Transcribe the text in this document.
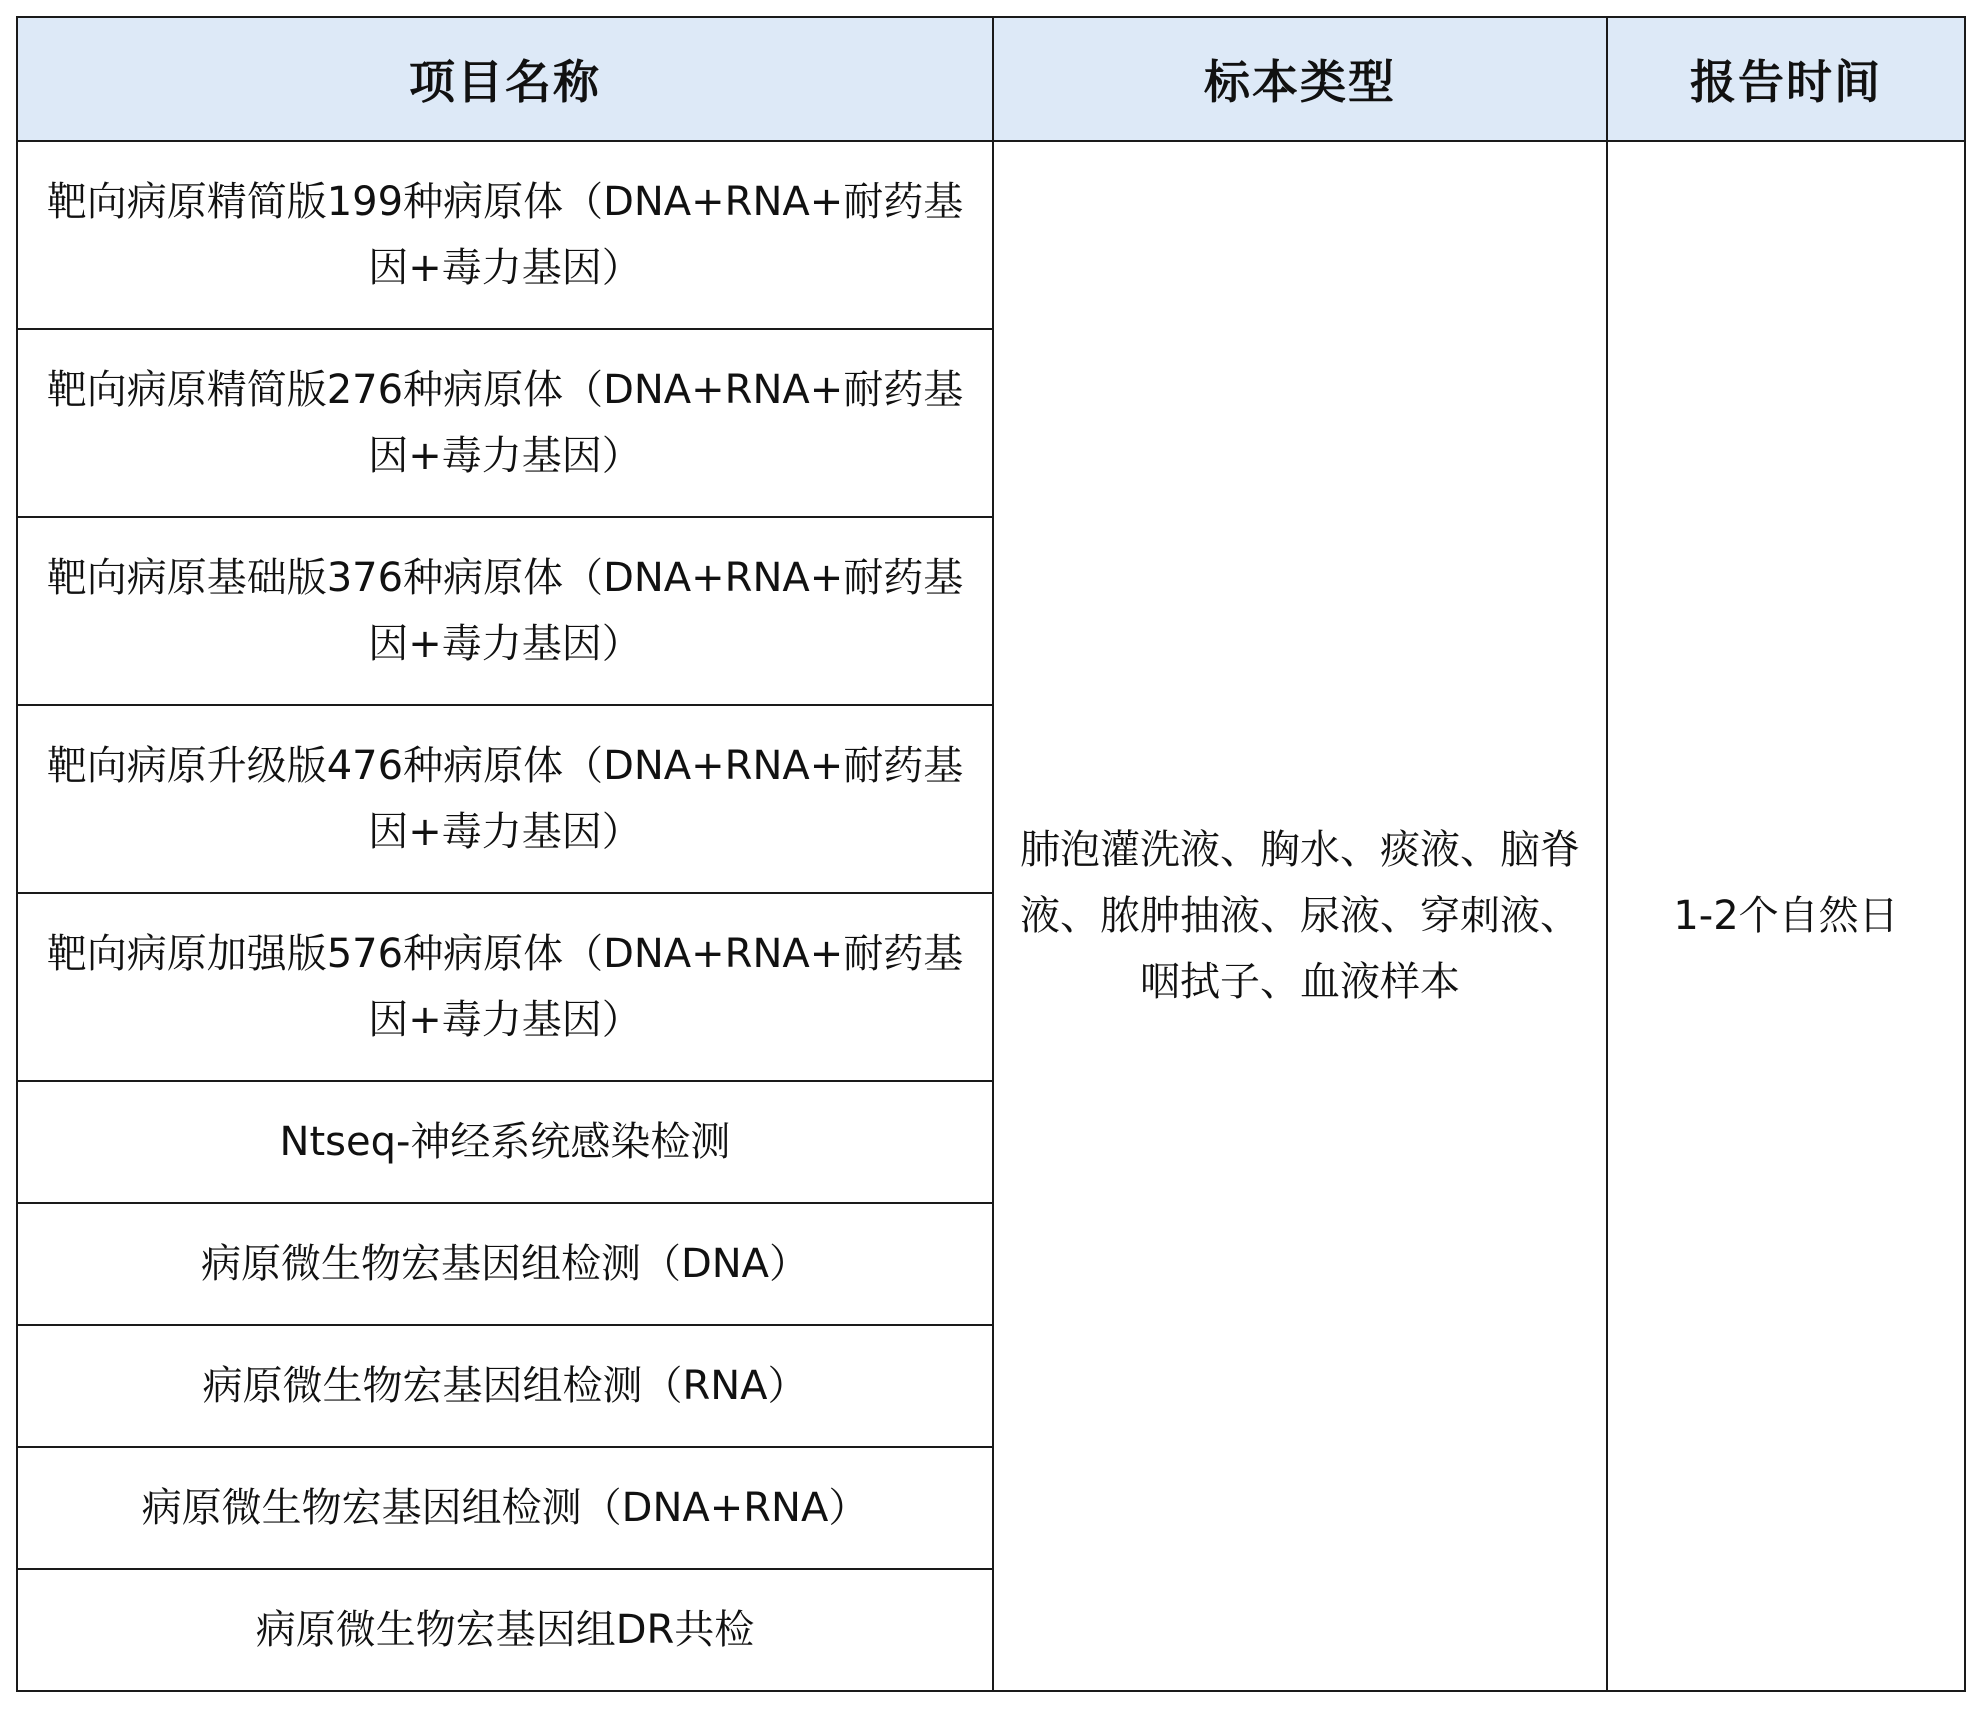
项目名称	标本类型	报告时间
靶向病原精简版199种病原体（DNA+RNA+耐药基因+毒力基因）	肺泡灌洗液、胸水、痰液、脑脊液、脓肿抽液、尿液、穿刺液、咽拭子、血液样本	1-2个自然日
靶向病原精简版276种病原体（DNA+RNA+耐药基因+毒力基因）		
靶向病原基础版376种病原体（DNA+RNA+耐药基因+毒力基因）		
靶向病原升级版476种病原体（DNA+RNA+耐药基因+毒力基因）		
靶向病原加强版576种病原体（DNA+RNA+耐药基因+毒力基因）		
Ntseq-神经系统感染检测		
病原微生物宏基因组检测（DNA）		
病原微生物宏基因组检测（RNA）		
病原微生物宏基因组检测（DNA+RNA）		
病原微生物宏基因组DR共检		
